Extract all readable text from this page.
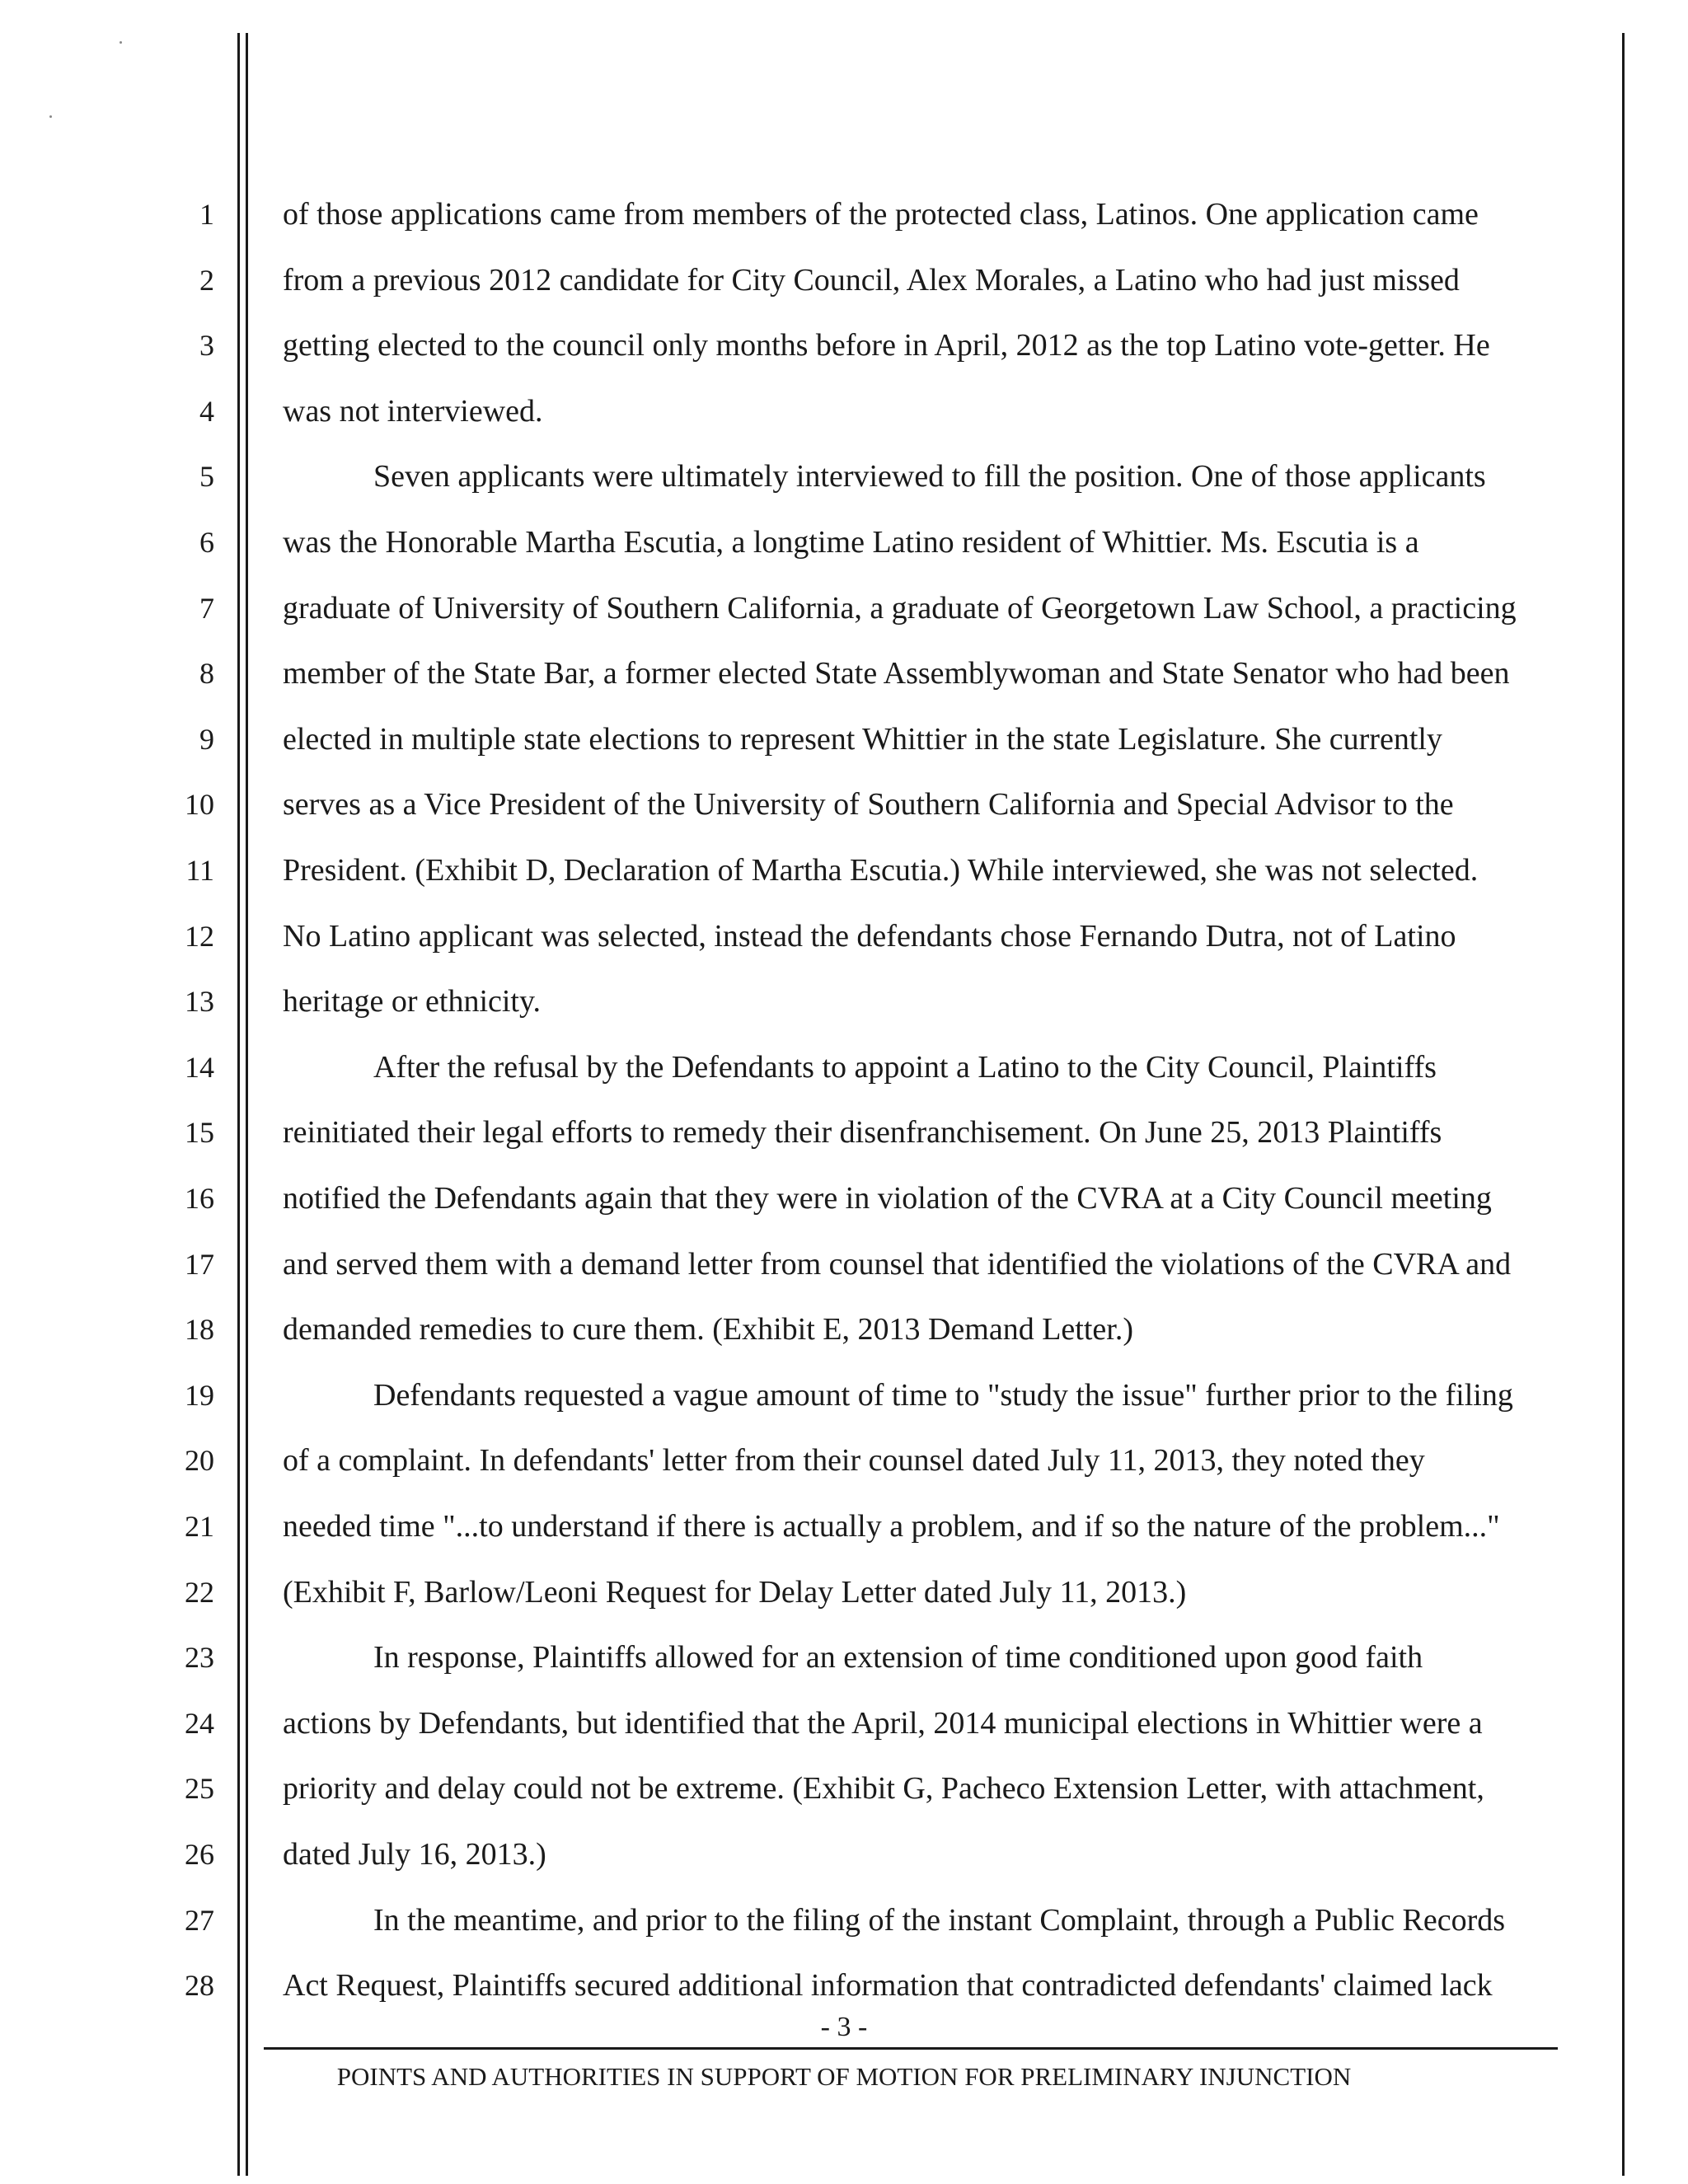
1
2
3
4
5
6
7
8
9
10
11
12
13
14
15
16
17
18
19
20
21
22
23
24
25
26
27
28
of those applications came from members of the protected class, Latinos. One application came
from a previous 2012 candidate for City Council, Alex Morales, a Latino who had just missed
getting elected to the council only months before in April, 2012 as the top Latino vote-getter. He
was not interviewed.
Seven applicants were ultimately interviewed to fill the position. One of those applicants
was the Honorable Martha Escutia, a longtime Latino resident of Whittier. Ms. Escutia is a
graduate of University of Southern California, a graduate of Georgetown Law School, a practicing
member of the State Bar, a former elected State Assemblywoman and State Senator who had been
elected in multiple state elections to represent Whittier in the state Legislature. She currently
serves as a Vice President of the University of Southern California and Special Advisor to the
President. (Exhibit D, Declaration of Martha Escutia.) While interviewed, she was not selected.
No Latino applicant was selected, instead the defendants chose Fernando Dutra, not of Latino
heritage or ethnicity.
After the refusal by the Defendants to appoint a Latino to the City Council, Plaintiffs
reinitiated their legal efforts to remedy their disenfranchisement. On June 25, 2013 Plaintiffs
notified the Defendants again that they were in violation of the CVRA at a City Council meeting
and served them with a demand letter from counsel that identified the violations of the CVRA and
demanded remedies to cure them. (Exhibit E, 2013 Demand Letter.)
Defendants requested a vague amount of time to "study the issue" further prior to the filing
of a complaint. In defendants' letter from their counsel dated July 11, 2013, they noted they
needed time "...to understand if there is actually a problem, and if so the nature of the problem..."
(Exhibit F, Barlow/Leoni Request for Delay Letter dated July 11, 2013.)
In response, Plaintiffs allowed for an extension of time conditioned upon good faith
actions by Defendants, but identified that the April, 2014 municipal elections in Whittier were a
priority and delay could not be extreme. (Exhibit G, Pacheco Extension Letter, with attachment,
dated July 16, 2013.)
In the meantime, and prior to the filing of the instant Complaint, through a Public Records
Act Request, Plaintiffs secured additional information that contradicted defendants' claimed lack
- 3 -
POINTS AND AUTHORITIES IN SUPPORT OF MOTION FOR PRELIMINARY INJUNCTION
